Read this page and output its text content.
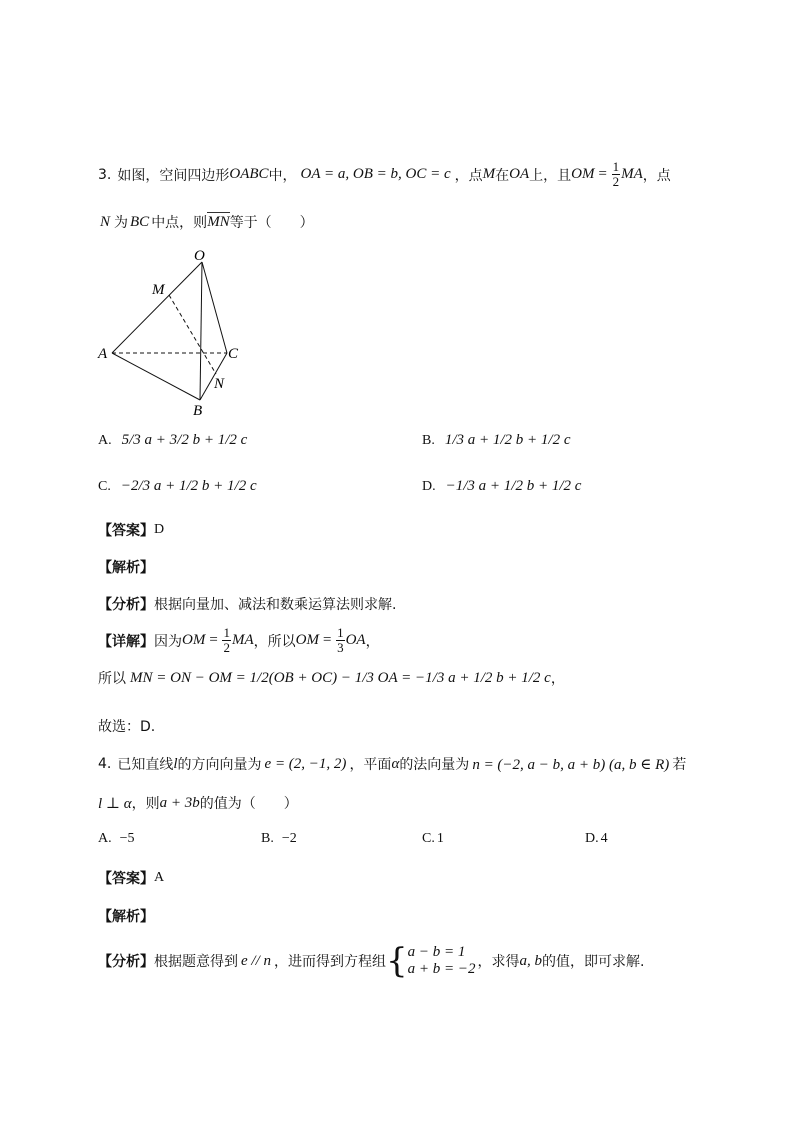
3. 如图，空间四边形 OABC 中， OA = a, OB = b, OC = c ，点 M 在 OA 上，且 OM = $\frac{1}{2}$ MA ，点
N 为 BC 中点，则 MN 等于（　　）
O
M
A	C
N
B
A. 5/3 a + 3/2 b + 1/2 c	B. 1/3 a + 1/2 b + 1/2 c
C. −2/3 a + 1/2 b + 1/2 c	D. −1/3 a + 1/2 b + 1/2 c
【答案】 D
【解析】
【分析】 根据向量加、减法和数乘运算法则求解.
【详解】 因为 OM = $\frac{1}{2}$ MA ，所以 OM = $\frac{1}{3}$ OA ，
所以 MN = ON − OM = 1/2(OB + OC) − 1/3 OA = −1/3 a + 1/2 b + 1/2 c ，
故选：D.
4. 已知直线 l 的方向向量为 e = (2, −1, 2) ，平面 α 的法向量为 n = (−2, a − b, a + b) (a, b ∈ R) 若
l ⊥ α ，则 a + 3b 的值为（　　）
A. −5	B. −2	C. 1	D. 4
【答案】 A
【解析】
【分析】 根据题意得到 e // n ，进而得到方程组 { a − b = 1
a + b = −2 ，求得 a, b 的值，即可求解.
